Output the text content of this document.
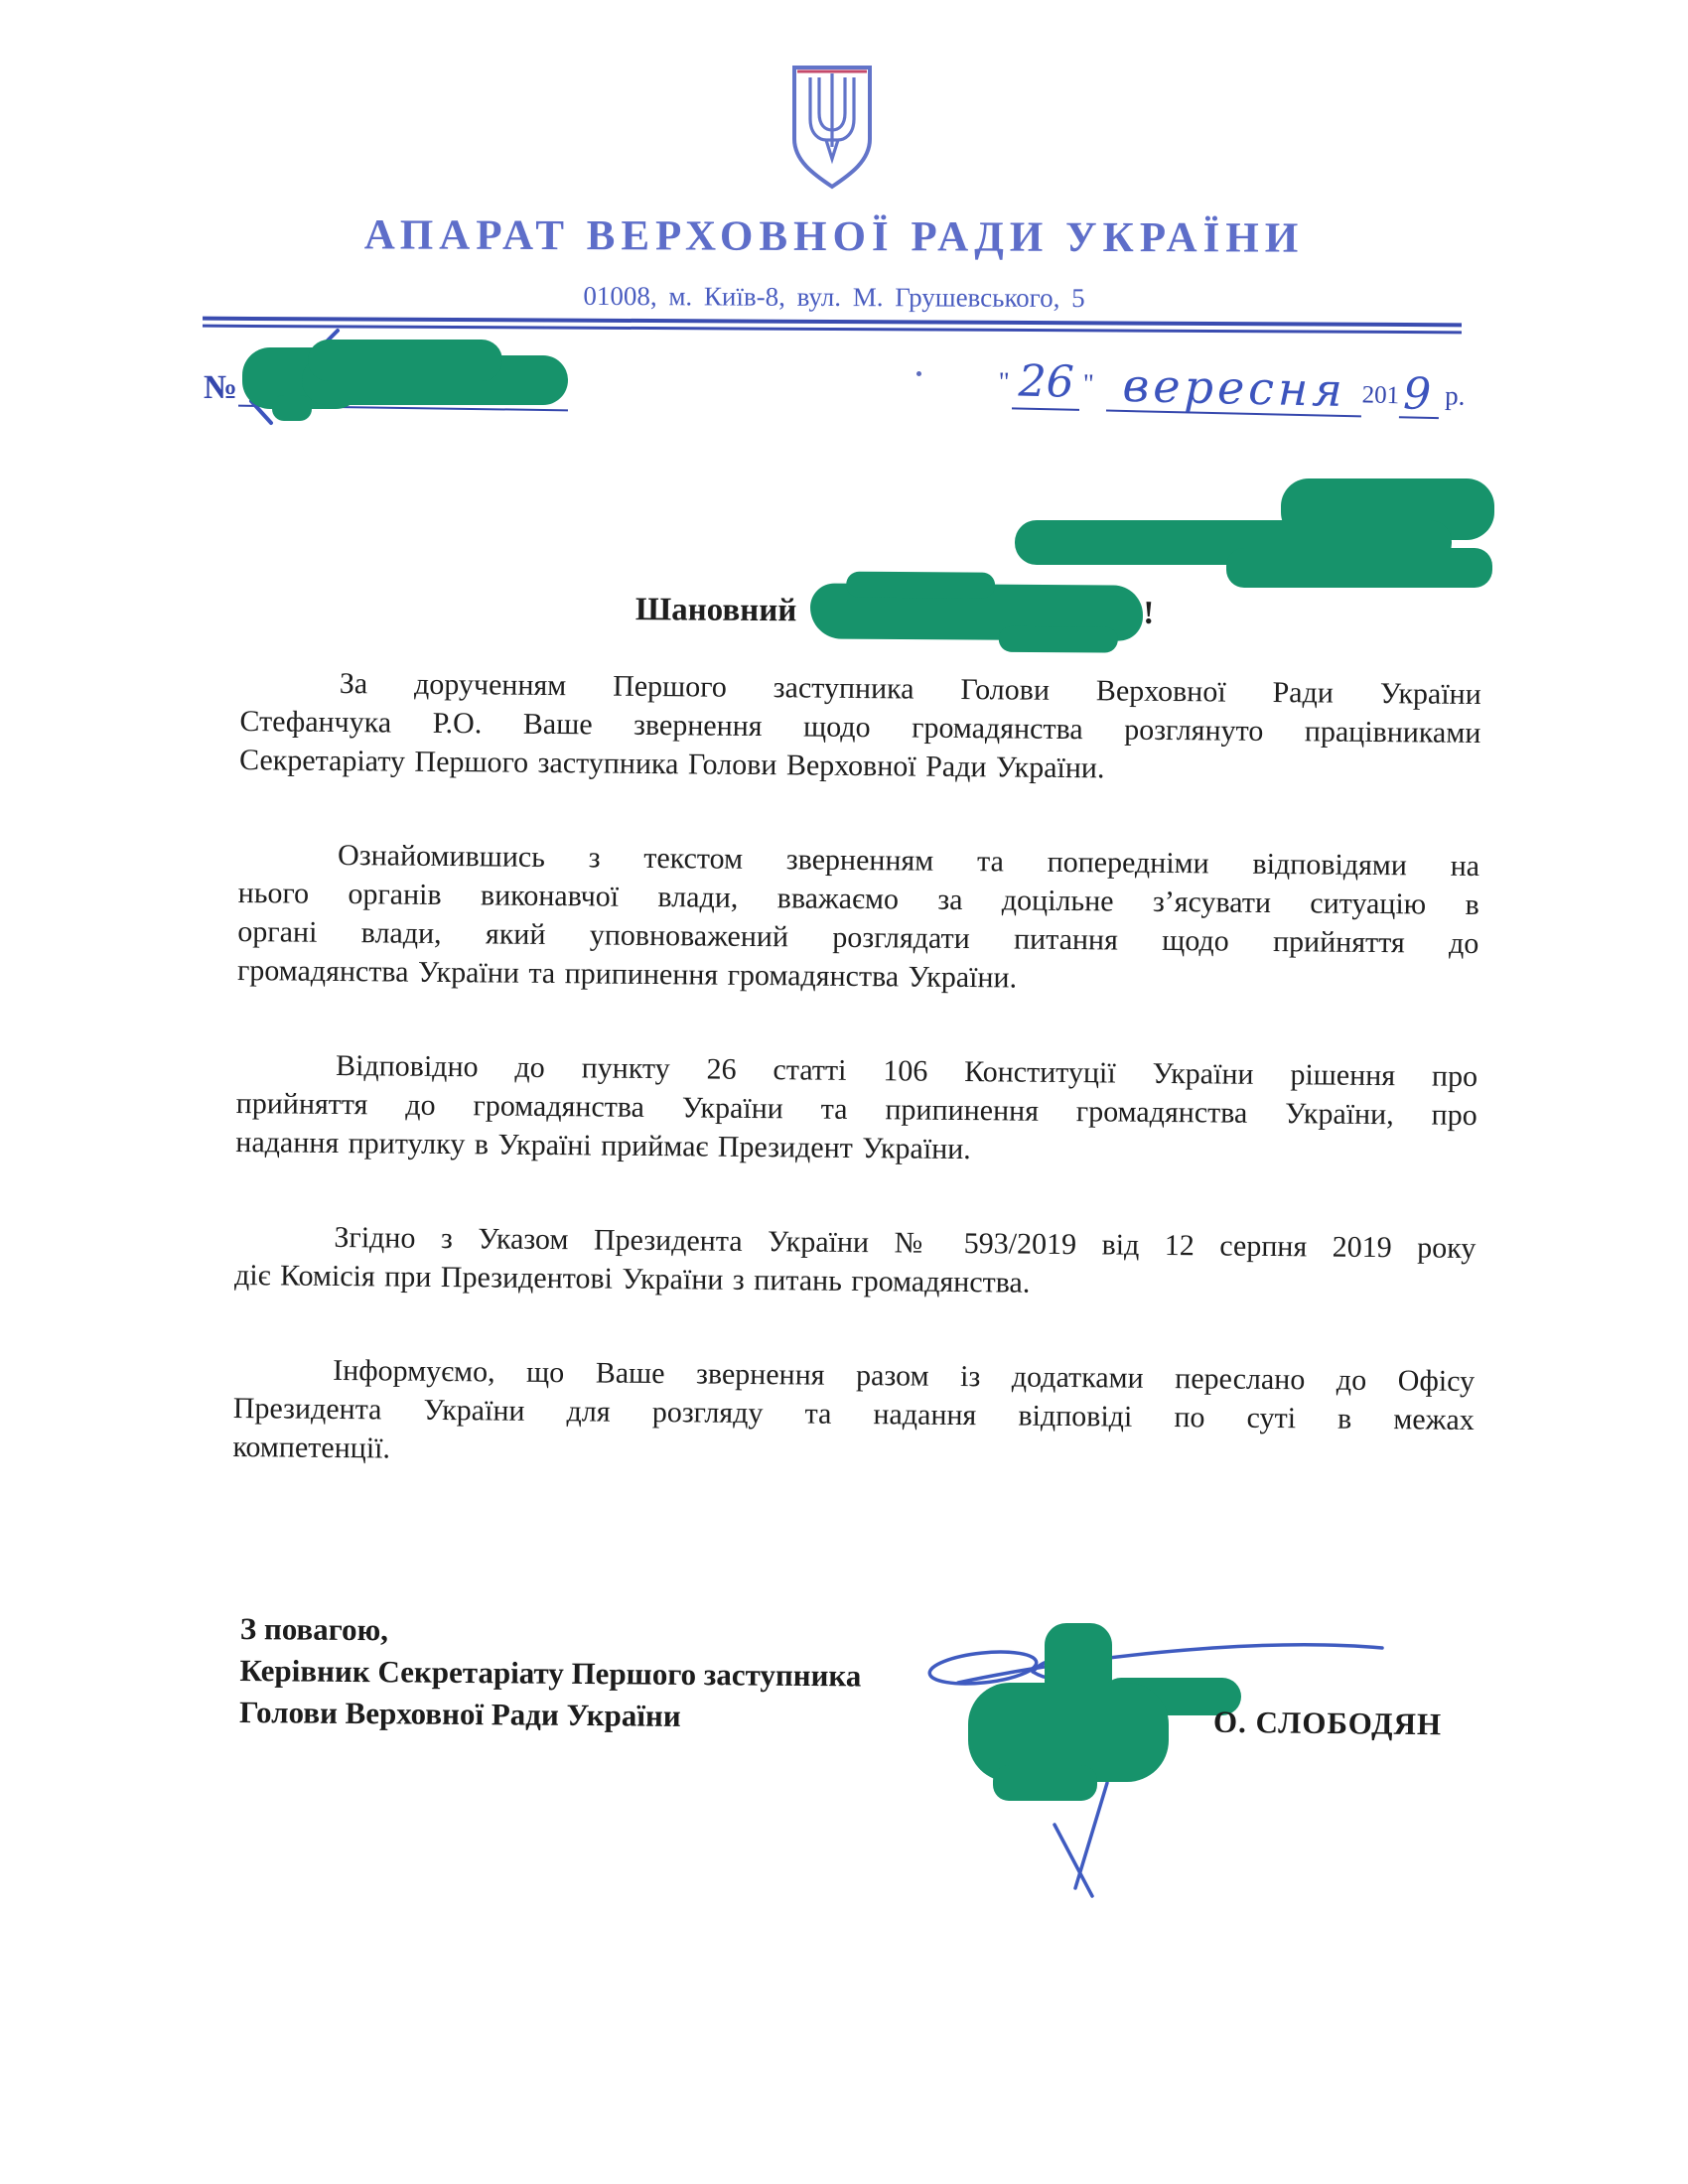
АПАРАТ ВЕРХОВНОЇ РАДИ УКРАЇНИ
01008, м. Київ-8, вул. М. Грушевського, 5
№	" 26 " вересня 201 9 р.
Шановний	!
За дорученням Першого заступника Голови Верховної Ради України
Стефанчука Р.О. Ваше звернення щодо громадянства розглянуто працівниками
Секретаріату Першого заступника Голови Верховної Ради України.
Ознайомившись з текстом зверненням та попередніми відповідями на
нього органів виконавчої влади, вважаємо за доцільне з’ясувати ситуацію в
органі влади, який уповноважений розглядати питання щодо прийняття до
громадянства України та припинення громадянства України.
Відповідно до пункту 26 статті 106 Конституції України рішення про
прийняття до громадянства України та припинення громадянства України, про
надання притулку в Україні приймає Президент України.
Згідно з Указом Президента України № 593/2019 від 12 серпня 2019 року
діє Комісія при Президентові України з питань громадянства.
Інформуємо, що Ваше звернення разом із додатками переслано до Офісу
Президента України для розгляду та надання відповіді по суті в межах
компетенції.
З повагою,
Керівник Секретаріату Першого заступника
Голови Верховної Ради України	О. СЛОБОДЯН
